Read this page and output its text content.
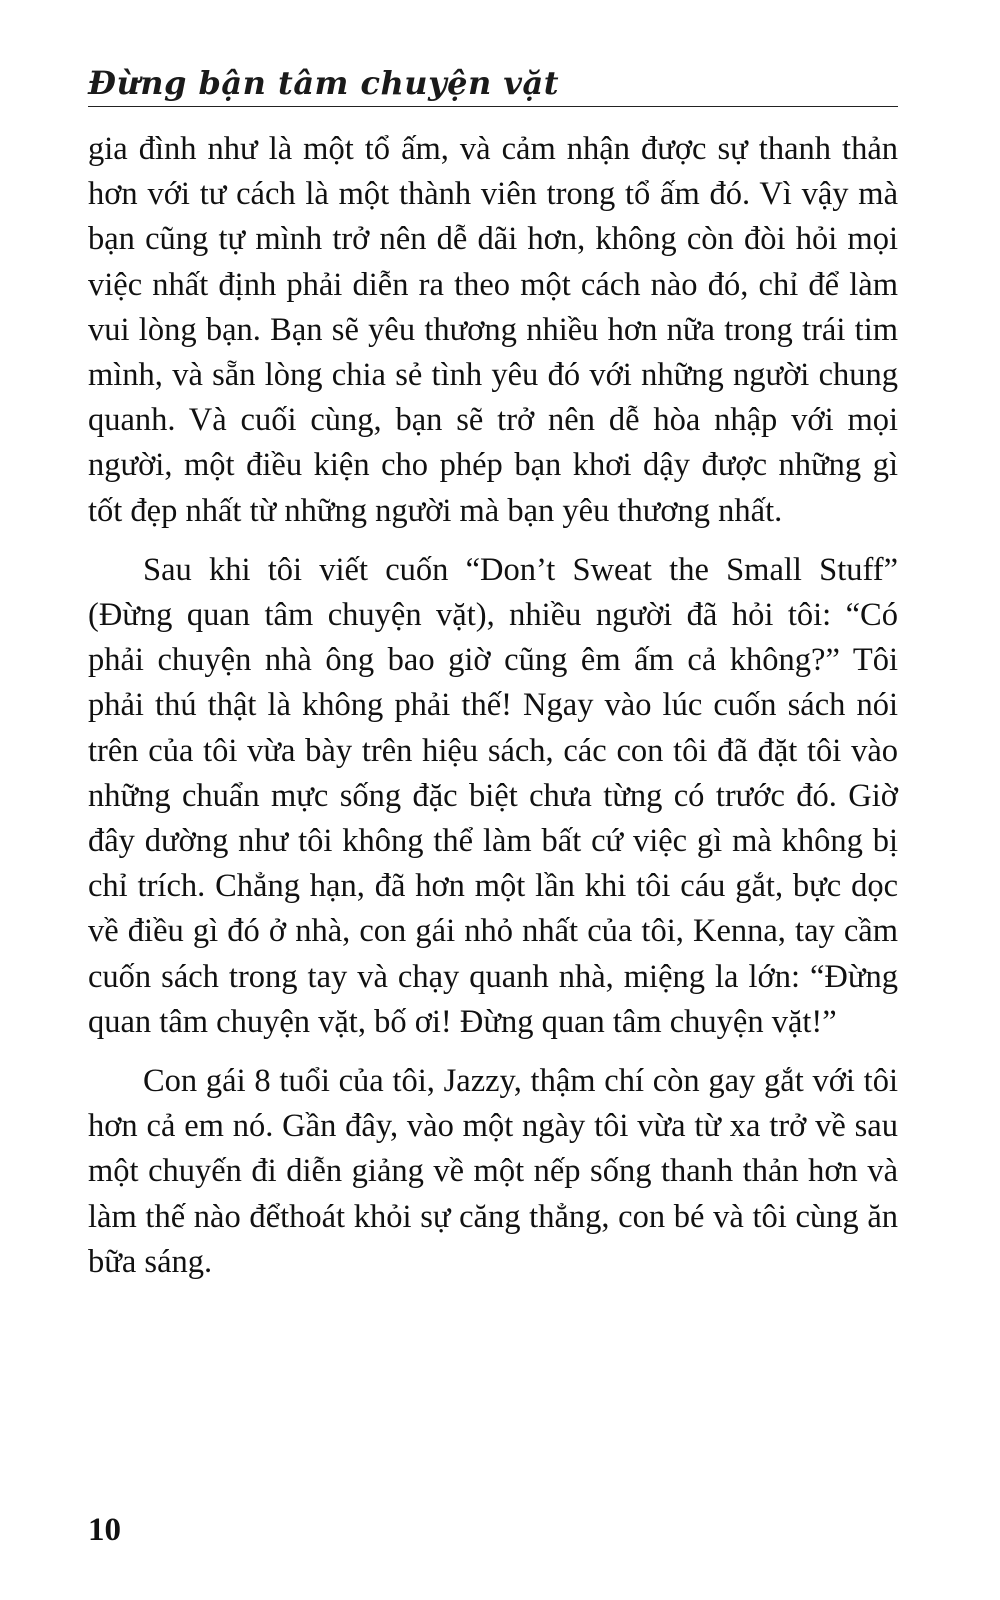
Đừng bận tâm chuyện vặt

gia đình như là một tổ ấm, và cảm nhận được sự thanh thản hơn với tư cách là một thành viên trong tổ ấm đó. Vì vậy mà bạn cũng tự mình trở nên dễ dãi hơn, không còn đòi hỏi mọi việc nhất định phải diễn ra theo một cách nào đó, chỉ để làm vui lòng bạn. Bạn sẽ yêu thương nhiều hơn nữa trong trái tim mình, và sẵn lòng chia sẻ tình yêu đó với những người chung quanh. Và cuối cùng, bạn sẽ trở nên dễ hòa nhập với mọi người, một điều kiện cho phép bạn khơi dậy được những gì tốt đẹp nhất từ những người mà bạn yêu thương nhất.

Sau khi tôi viết cuốn “Don’t Sweat the Small Stuff” (Đừng quan tâm chuyện vặt), nhiều người đã hỏi tôi: “Có phải chuyện nhà ông bao giờ cũng êm ấm cả không?” Tôi phải thú thật là không phải thế! Ngay vào lúc cuốn sách nói trên của tôi vừa bày trên hiệu sách, các con tôi đã đặt tôi vào những chuẩn mực sống đặc biệt chưa từng có trước đó. Giờ đây dường như tôi không thể làm bất cứ việc gì mà không bị chỉ trích. Chẳng hạn, đã hơn một lần khi tôi cáu gắt, bực dọc về điều gì đó ở nhà, con gái nhỏ nhất của tôi, Kenna, tay cầm cuốn sách trong tay và chạy quanh nhà, miệng la lớn: “Đừng quan tâm chuyện vặt, bố ơi! Đừng quan tâm chuyện vặt!”

Con gái 8 tuổi của tôi, Jazzy, thậm chí còn gay gắt với tôi hơn cả em nó. Gần đây, vào một ngày tôi vừa từ xa trở về sau một chuyến đi diễn giảng về một nếp sống thanh thản hơn và làm thế nào đểthoát khỏi sự căng thẳng, con bé và tôi cùng ăn bữa sáng.

10
